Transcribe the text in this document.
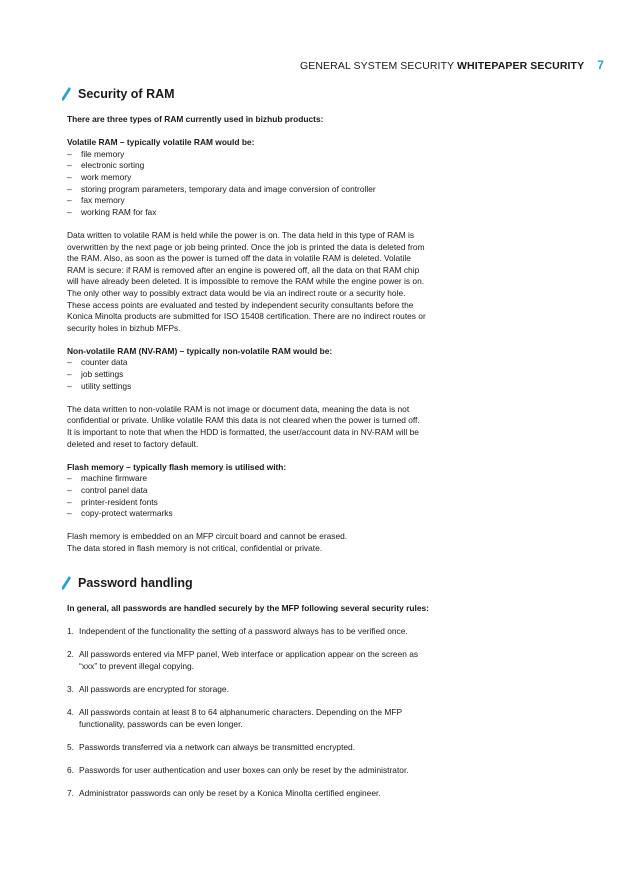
GENERAL SYSTEM SECURITY WHITEPAPER SECURITY 7
Security of RAM

There are three types of RAM currently used in bizhub products:

Volatile RAM – typically volatile RAM would be:

– file memory
– electronic sorting
– work memory
– storing program parameters, temporary data and image conversion of controller
– fax memory
– working RAM for fax
Data written to volatile RAM is held while the power is on. The data held in this type of RAM is
overwritten by the next page or job being printed. Once the job is printed the data is deleted from
the RAM. Also, as soon as the power is turned off the data in volatile RAM is deleted. Volatile
RAM is secure: if RAM is removed after an engine is powered off, all the data on that RAM chip
will have already been deleted. It is impossible to remove the RAM while the engine power is on.
The only other way to possibly extract data would be via an indirect route or a security hole.
These access points are evaluated and tested by independent security consultants before the
Konica Minolta products are submitted for ISO 15408 certification. There are no indirect routes or
security holes in bizhub MFPs.

Non-volatile RAM (NV-RAM) – typically non-volatile RAM would be:

– counter data
– job settings
– utility settings
The data written to non-volatile RAM is not image or document data, meaning the data is not
confidential or private. Unlike volatile RAM this data is not cleared when the power is turned off.
It is important to note that when the HDD is formatted, the user/account data in NV-RAM will be
deleted and reset to factory default.

Flash memory – typically flash memory is utilised with:

– machine firmware
– control panel data
– printer-resident fonts
– copy-protect watermarks
Flash memory is embedded on an MFP circuit board and cannot be erased.
The data stored in flash memory is not critical, confidential or private.
Password handling

In general, all passwords are handled securely by the MFP following several security rules:

1. Independent of the functionality the setting of a password always has to be verified once.
2. All passwords entered via MFP panel, Web interface or application appear on the screen as
“xxx” to prevent illegal copying.
3. All passwords are encrypted for storage.
4. All passwords contain at least 8 to 64 alphanumeric characters. Depending on the MFP
functionality, passwords can be even longer.
5. Passwords transferred via a network can always be transmitted encrypted.
6. Passwords for user authentication and user boxes can only be reset by the administrator.
7. Administrator passwords can only be reset by a Konica Minolta certified engineer.
